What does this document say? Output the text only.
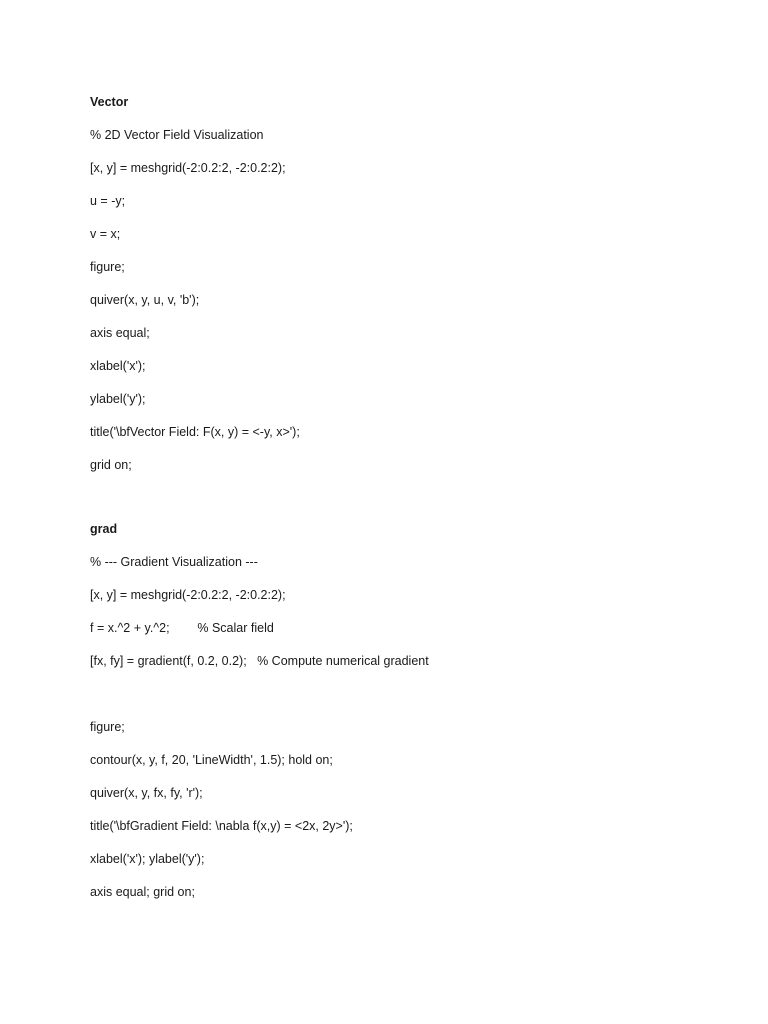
Vector
% 2D Vector Field Visualization
[x, y] = meshgrid(-2:0.2:2, -2:0.2:2);
u = -y;
v = x;
figure;
quiver(x, y, u, v, 'b');
axis equal;
xlabel('x');
ylabel('y');
title('\bfVector Field: F(x, y) = <-y, x>');
grid on;
grad
% --- Gradient Visualization ---
[x, y] = meshgrid(-2:0.2:2, -2:0.2:2);
f = x.^2 + y.^2;        % Scalar field
[fx, fy] = gradient(f, 0.2, 0.2);   % Compute numerical gradient
figure;
contour(x, y, f, 20, 'LineWidth', 1.5); hold on;
quiver(x, y, fx, fy, 'r');
title('\bfGradient Field: \nabla f(x,y) = <2x, 2y>');
xlabel('x'); ylabel('y');
axis equal; grid on;
